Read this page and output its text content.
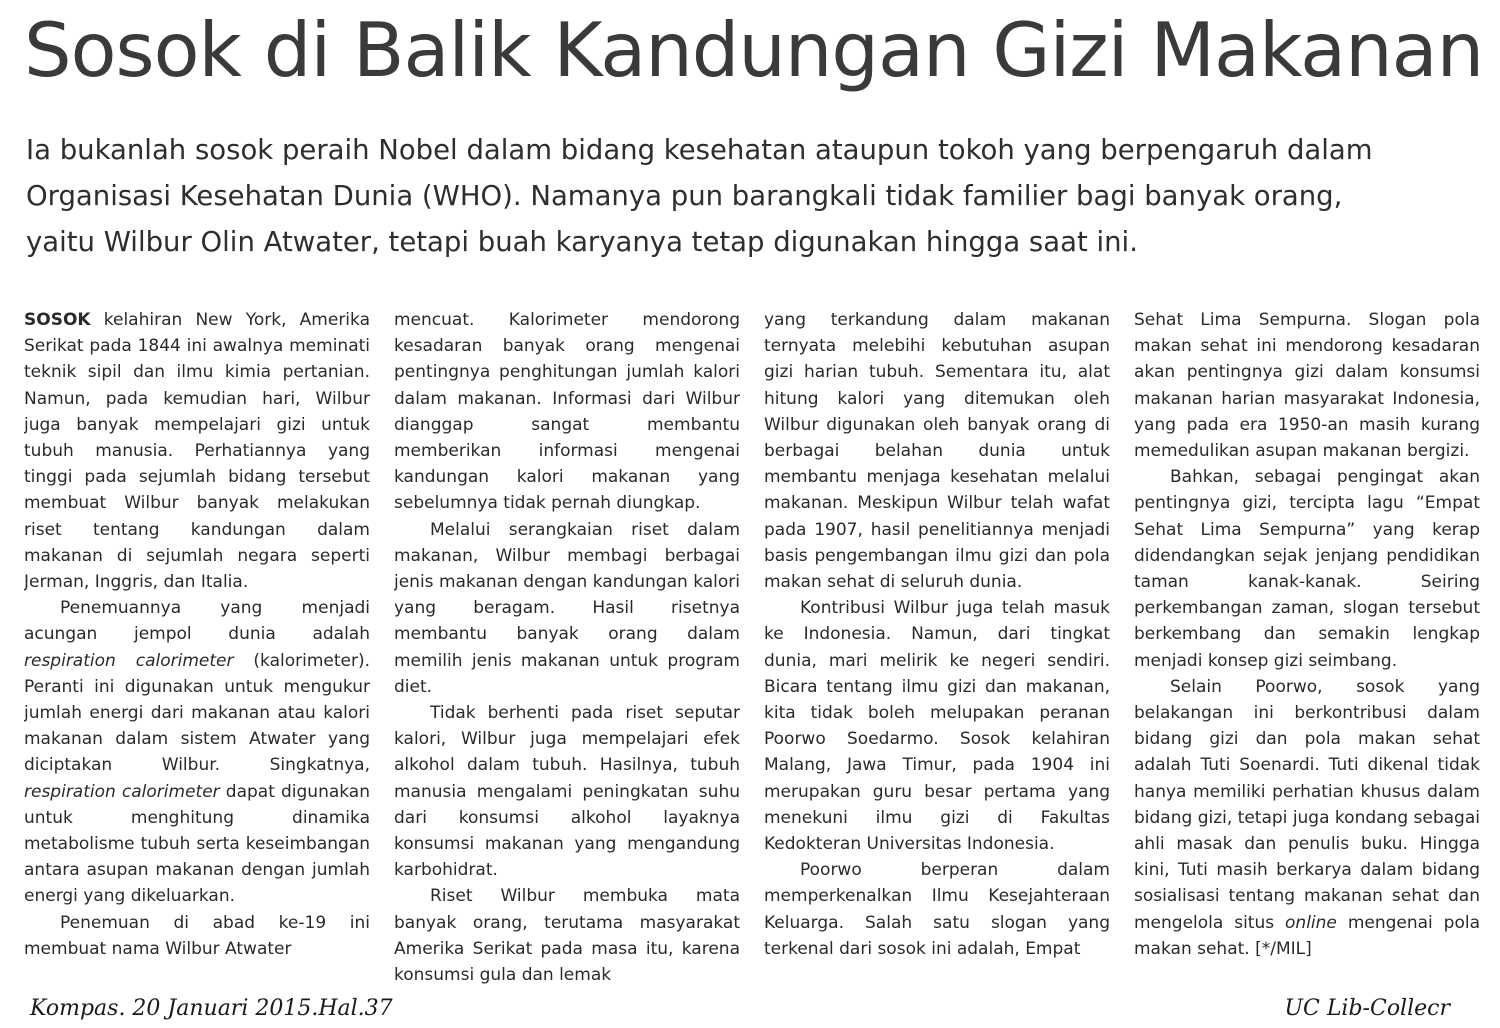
Sosok di Balik Kandungan Gizi Makanan

Ia bukanlah sosok peraih Nobel dalam bidang kesehatan ataupun tokoh yang berpengaruh dalam Organisasi Kesehatan Dunia (WHO). Namanya pun barangkali tidak familier bagi banyak orang, yaitu Wilbur Olin Atwater, tetapi buah karyanya tetap digunakan hingga saat ini.

SOSOK kelahiran New York, Amerika Serikat pada 1844 ini awalnya meminati teknik sipil dan ilmu kimia pertanian. Namun, pada kemudian hari, Wilbur juga banyak mempelajari gizi untuk tubuh manusia. Perhatiannya yang tinggi pada sejumlah bidang tersebut membuat Wilbur banyak melakukan riset tentang kandungan dalam makanan di sejumlah negara seperti Jerman, Inggris, dan Italia.

Penemuannya yang menjadi acungan jempol dunia adalah respiration calorimeter (kalorimeter). Peranti ini digunakan untuk mengukur jumlah energi dari makanan atau kalori makanan dalam sistem Atwater yang diciptakan Wilbur. Singkatnya, respiration calorimeter dapat digunakan untuk menghitung dinamika metabolisme tubuh serta keseimbangan antara asupan makanan dengan jumlah energi yang dikeluarkan.

Penemuan di abad ke-19 ini membuat nama Wilbur Atwater

mencuat. Kalorimeter mendorong kesadaran banyak orang mengenai pentingnya penghitungan jumlah kalori dalam makanan. Informasi dari Wilbur dianggap sangat membantu memberikan informasi mengenai kandungan kalori makanan yang sebelumnya tidak pernah diungkap.

Melalui serangkaian riset dalam makanan, Wilbur membagi berbagai jenis makanan dengan kandungan kalori yang beragam. Hasil risetnya membantu banyak orang dalam memilih jenis makanan untuk program diet.

Tidak berhenti pada riset seputar kalori, Wilbur juga mempelajari efek alkohol dalam tubuh. Hasilnya, tubuh manusia mengalami peningkatan suhu dari konsumsi alkohol layaknya konsumsi makanan yang mengandung karbohidrat.

Riset Wilbur membuka mata banyak orang, terutama masyarakat Amerika Serikat pada masa itu, karena konsumsi gula dan lemak

yang terkandung dalam makanan ternyata melebihi kebutuhan asupan gizi harian tubuh. Sementara itu, alat hitung kalori yang ditemukan oleh Wilbur digunakan oleh banyak orang di berbagai belahan dunia untuk membantu menjaga kesehatan melalui makanan. Meskipun Wilbur telah wafat pada 1907, hasil penelitiannya menjadi basis pengembangan ilmu gizi dan pola makan sehat di seluruh dunia.

Kontribusi Wilbur juga telah masuk ke Indonesia. Namun, dari tingkat dunia, mari melirik ke negeri sendiri. Bicara tentang ilmu gizi dan makanan, kita tidak boleh melupakan peranan Poorwo Soedarmo. Sosok kelahiran Malang, Jawa Timur, pada 1904 ini merupakan guru besar pertama yang menekuni ilmu gizi di Fakultas Kedokteran Universitas Indonesia.

Poorwo berperan dalam memperkenalkan Ilmu Kesejahteraan Keluarga. Salah satu slogan yang terkenal dari sosok ini adalah, Empat

Sehat Lima Sempurna. Slogan pola makan sehat ini mendorong kesadaran akan pentingnya gizi dalam konsumsi makanan harian masyarakat Indonesia, yang pada era 1950-an masih kurang memedulikan asupan makanan bergizi.

Bahkan, sebagai pengingat akan pentingnya gizi, tercipta lagu “Empat Sehat Lima Sempurna” yang kerap didendangkan sejak jenjang pendidikan taman kanak-kanak. Seiring perkembangan zaman, slogan tersebut berkembang dan semakin lengkap menjadi konsep gizi seimbang.

Selain Poorwo, sosok yang belakangan ini berkontribusi dalam bidang gizi dan pola makan sehat adalah Tuti Soenardi. Tuti dikenal tidak hanya memiliki perhatian khusus dalam bidang gizi, tetapi juga kondang sebagai ahli masak dan penulis buku. Hingga kini, Tuti masih berkarya dalam bidang sosialisasi tentang makanan sehat dan mengelola situs online mengenai pola makan sehat. [*/MIL]

Kompas. 20 Januari 2015.Hal.37	UC Lib-Collecr
